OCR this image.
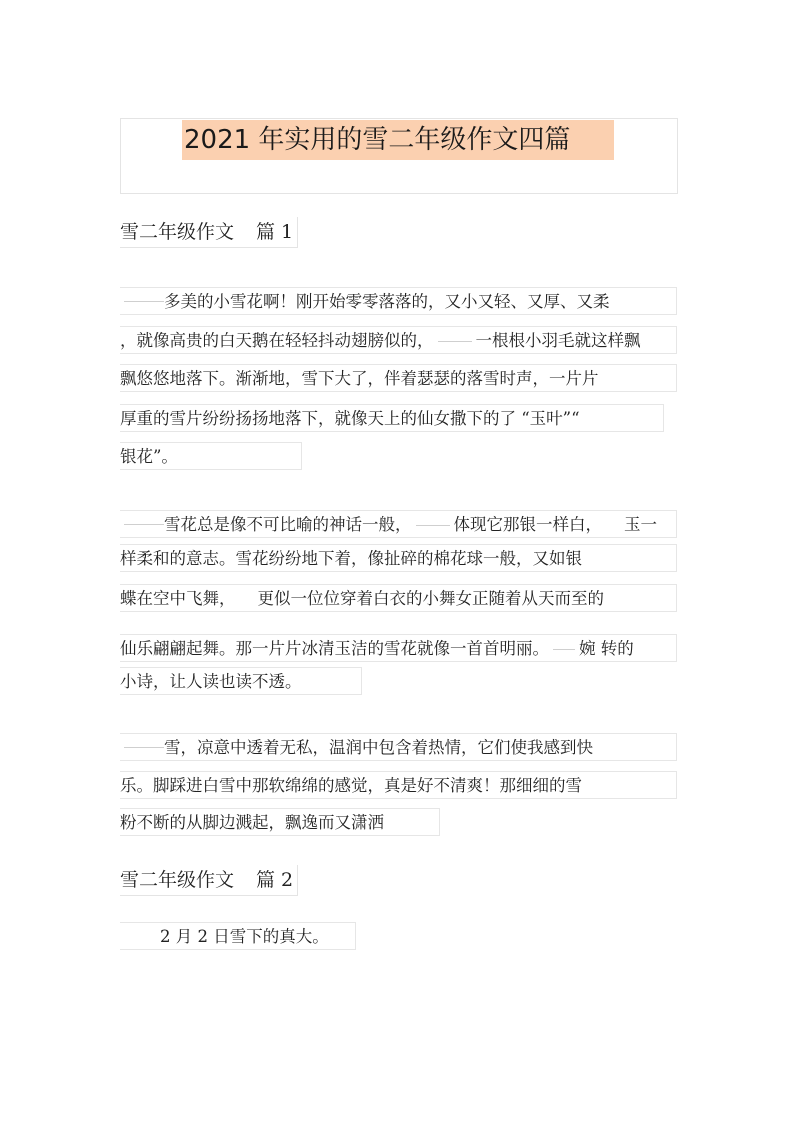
2021 年实用的雪二年级作文四篇
雪二年级作文 篇 1
多美的小雪花啊！刚开始零零落落的，又小又轻、又厚、又柔
，就像高贵的白天鹅在轻轻抖动翅膀似的，	一根根小羽毛就这样飘
飘悠悠地落下。渐渐地，雪下大了，伴着瑟瑟的落雪时声，一片片
厚重的雪片纷纷扬扬地落下，就像天上的仙女撒下的了 “玉叶”“
银花”。
雪花总是像不可比喻的神话一般，	体现它那银一样白， 玉一
样柔和的意志。雪花纷纷地下着，像扯碎的棉花球一般，又如银
蝶在空中飞舞， 更似一位位穿着白衣的小舞女正随着从天而至的
仙乐翩翩起舞。那一片片冰清玉洁的雪花就像一首首明丽。 婉 转的
小诗，让人读也读不透。
雪，凉意中透着无私，温润中包含着热情，它们使我感到快
乐。脚踩进白雪中那软绵绵的感觉，真是好不清爽！那细细的雪
粉不断的从脚边溅起，飘逸而又潇洒
雪二年级作文 篇 2
2 月 2 日雪下的真大。
